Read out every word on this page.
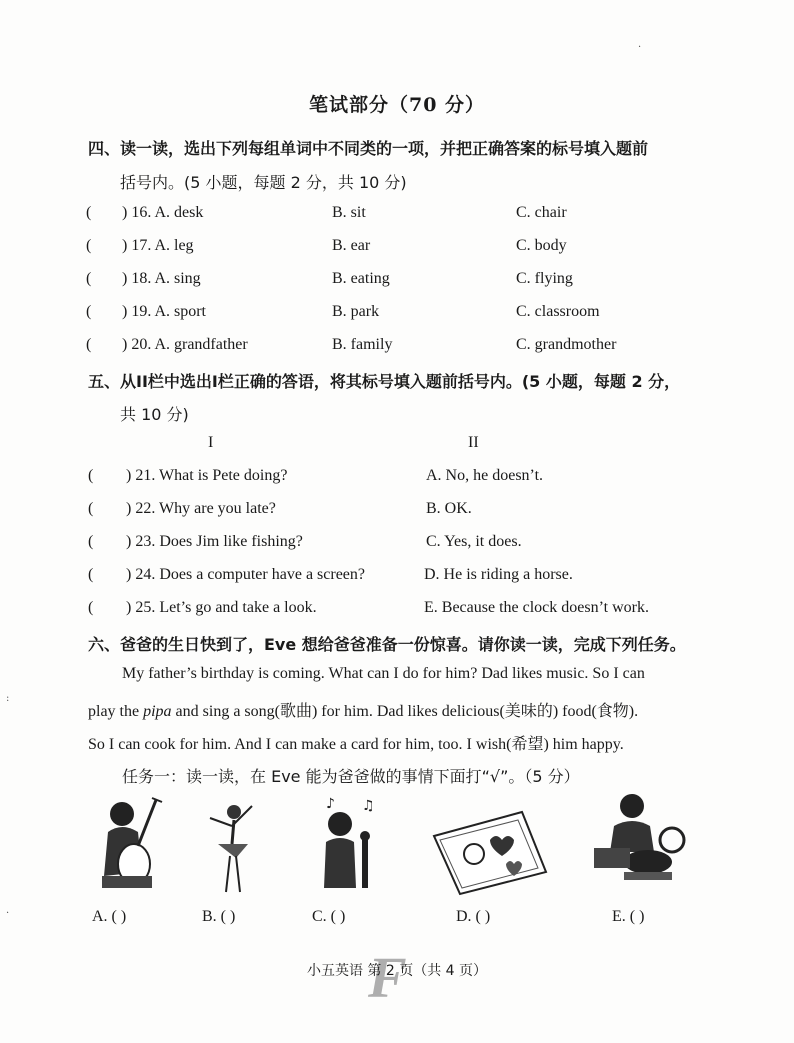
·
:
·
笔试部分（70 分）
四、读一读，选出下列每组单词中不同类的一项，并把正确答案的标号填入题前
括号内。(5 小题，每题 2 分，共 10 分)
( ) 16. A. desk	B. sit	C. chair
( ) 17. A. leg	B. ear	C. body
( ) 18. A. sing	B. eating	C. flying
( ) 19. A. sport	B. park	C. classroom
( ) 20. A. grandfather	B. family	C. grandmother
五、从II栏中选出I栏正确的答语，将其标号填入题前括号内。(5 小题，每题 2 分，
共 10 分)
I	II
( ) 21. What is Pete doing?	A. No, he doesn’t.
( ) 22. Why are you late?	B. OK.
( ) 23. Does Jim like fishing?	C. Yes, it does.
( ) 24. Does a computer have a screen?	D. He is riding a horse.
( ) 25. Let’s go and take a look.	E. Because the clock doesn’t work.
六、爸爸的生日快到了，Eve 想给爸爸准备一份惊喜。请你读一读，完成下列任务。
My father’s birthday is coming. What can I do for him? Dad likes music. So I can
play the pipa and sing a song(歌曲) for him. Dad likes delicious(美味的) food(食物).
So I can cook for him. And I can make a card for him, too. I wish(希望) him happy.
任务一：读一读，在 Eve 能为爸爸做的事情下面打“√”。（5 分）
♪ ♫
A. ( )	B. ( )	C. ( )	D. ( )	E. ( )
F
小五英语 第 2 页（共 4 页）
